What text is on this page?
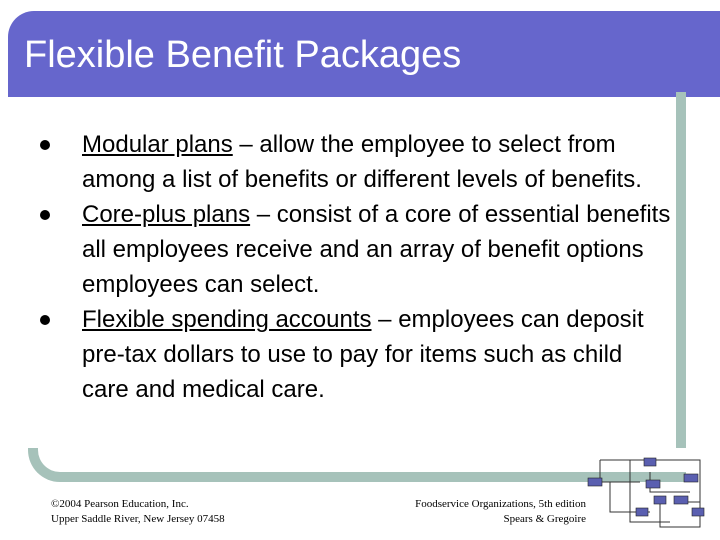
Flexible Benefit Packages
Modular plans – allow the employee to select from among a list of benefits or different levels of benefits.
Core-plus plans – consist of a core of essential benefits all employees receive and an array of benefit options employees can select.
Flexible spending accounts – employees can deposit pre-tax dollars to use to pay for items such as child care and medical care.
©2004 Pearson Education, Inc.
Upper Saddle River, New Jersey 07458
Foodservice Organizations, 5th edition
Spears & Gregoire
